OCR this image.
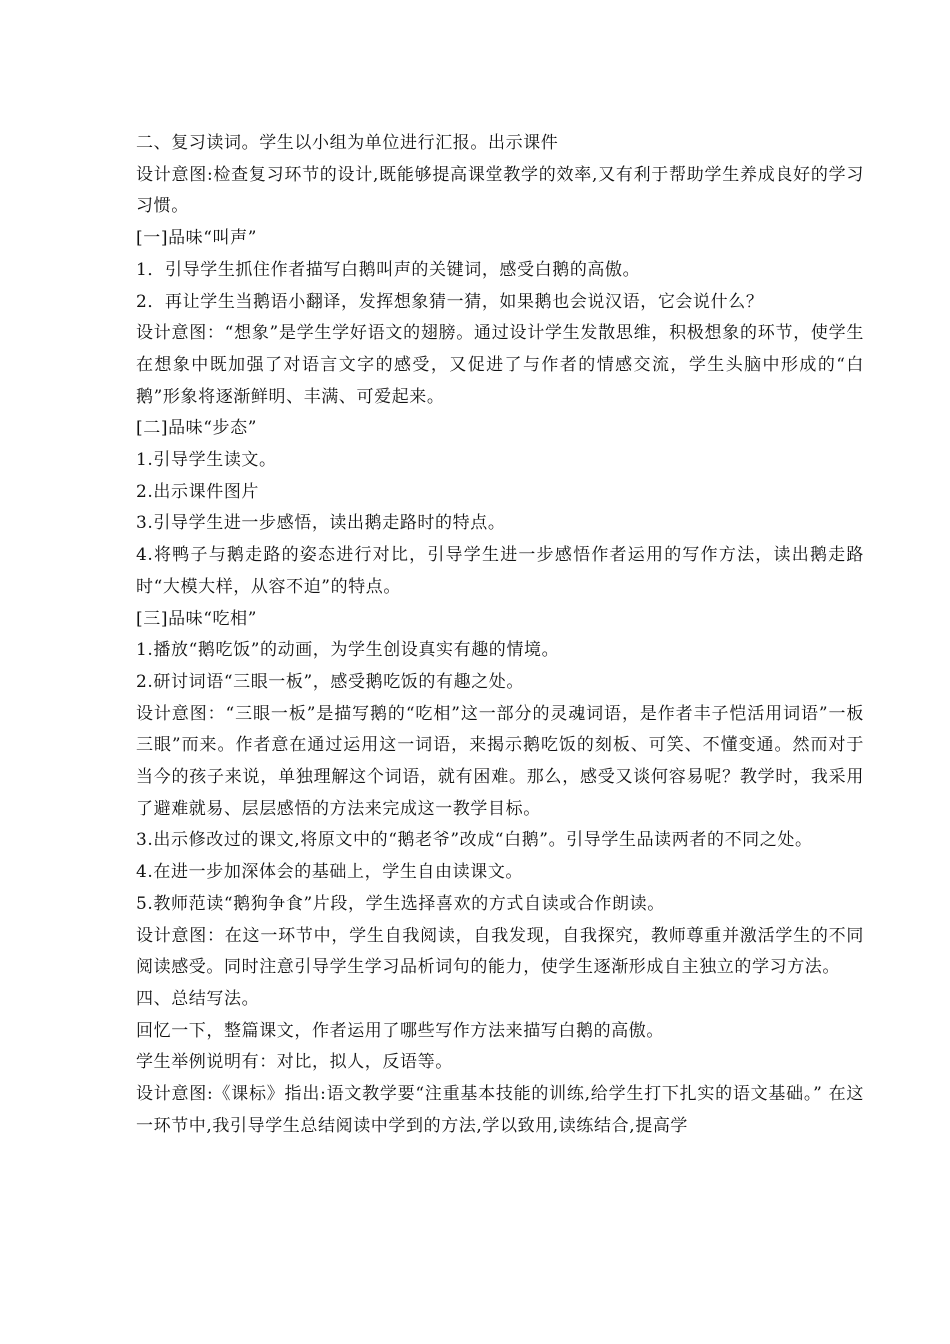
二、复习读词。学生以小组为单位进行汇报。出示课件

设计意图:检查复习环节的设计,既能够提高课堂教学的效率,又有利于帮助学生养成良好的学习习惯。

[一]品味“叫声”

1．引导学生抓住作者描写白鹅叫声的关键词，感受白鹅的高傲。

2．再让学生当鹅语小翻译，发挥想象猜一猜，如果鹅也会说汉语，它会说什么？

设计意图：“想象”是学生学好语文的翅膀。通过设计学生发散思维，积极想象的环节，使学生在想象中既加强了对语言文字的感受，又促进了与作者的情感交流，学生头脑中形成的“白鹅”形象将逐渐鲜明、丰满、可爱起来。

[二]品味“步态”

1.引导学生读文。

2.出示课件图片

3.引导学生进一步感悟，读出鹅走路时的特点。

4.将鸭子与鹅走路的姿态进行对比，引导学生进一步感悟作者运用的写作方法，读出鹅走路时“大模大样，从容不迫”的特点。

[三]品味“吃相”

1.播放“鹅吃饭”的动画，为学生创设真实有趣的情境。

2.研讨词语“三眼一板”，感受鹅吃饭的有趣之处。

设计意图：“三眼一板”是描写鹅的“吃相”这一部分的灵魂词语，是作者丰子恺活用词语”一板三眼”而来。作者意在通过运用这一词语，来揭示鹅吃饭的刻板、可笑、不懂变通。然而对于当今的孩子来说，单独理解这个词语，就有困难。那么，感受又谈何容易呢？教学时，我采用了避难就易、层层感悟的方法来完成这一教学目标。

3.出示修改过的课文,将原文中的“鹅老爷”改成“白鹅”。引导学生品读两者的不同之处。

4.在进一步加深体会的基础上，学生自由读课文。

5.教师范读“鹅狗争食”片段，学生选择喜欢的方式自读或合作朗读。

设计意图：在这一环节中，学生自我阅读，自我发现，自我探究，教师尊重并激活学生的不同阅读感受。同时注意引导学生学习品析词句的能力，使学生逐渐形成自主独立的学习方法。

四、总结写法。

回忆一下，整篇课文，作者运用了哪些写作方法来描写白鹅的高傲。

学生举例说明有：对比，拟人，反语等。

设计意图:《课标》指出:语文教学要“注重基本技能的训练,给学生打下扎实的语文基础。” 在这一环节中,我引导学生总结阅读中学到的方法,学以致用,读练结合,提高学
